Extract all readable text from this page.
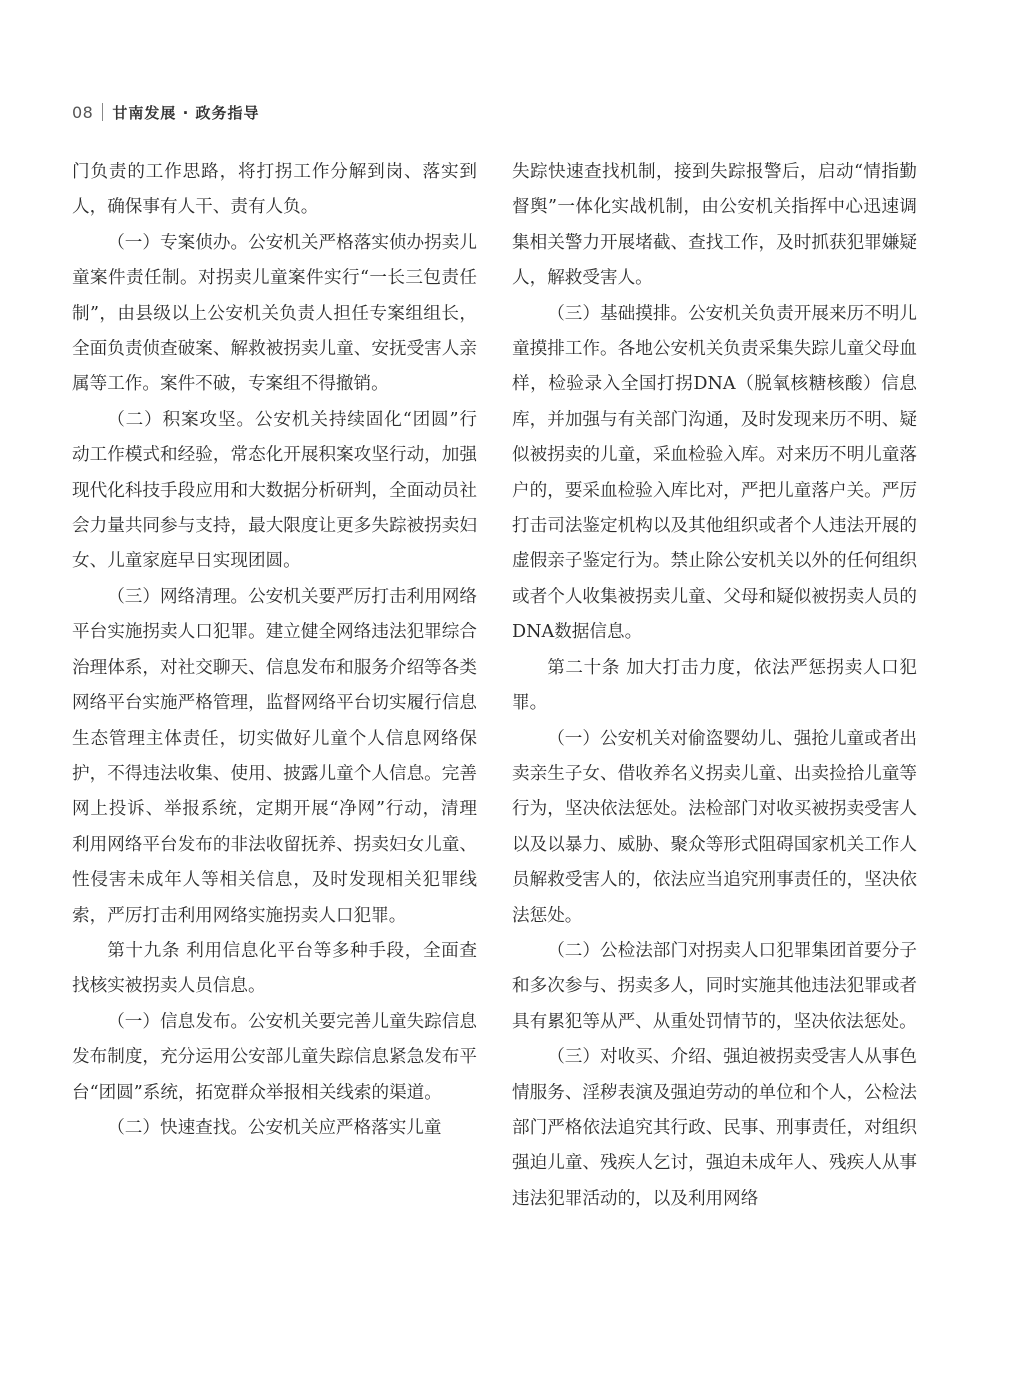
08 甘南发展 · 政务指导

门负责的工作思路，将打拐工作分解到岗、落实到人，确保事有人干、责有人负。

（一）专案侦办。公安机关严格落实侦办拐卖儿童案件责任制。对拐卖儿童案件实行“一长三包责任制”，由县级以上公安机关负责人担任专案组组长，全面负责侦查破案、解救被拐卖儿童、安抚受害人亲属等工作。案件不破，专案组不得撤销。

（二）积案攻坚。公安机关持续固化“团圆”行动工作模式和经验，常态化开展积案攻坚行动，加强现代化科技手段应用和大数据分析研判，全面动员社会力量共同参与支持，最大限度让更多失踪被拐卖妇女、儿童家庭早日实现团圆。

（三）网络清理。公安机关要严厉打击利用网络平台实施拐卖人口犯罪。建立健全网络违法犯罪综合治理体系，对社交聊天、信息发布和服务介绍等各类网络平台实施严格管理，监督网络平台切实履行信息生态管理主体责任，切实做好儿童个人信息网络保护，不得违法收集、使用、披露儿童个人信息。完善网上投诉、举报系统，定期开展“净网”行动，清理利用网络平台发布的非法收留抚养、拐卖妇女儿童、性侵害未成年人等相关信息，及时发现相关犯罪线索，严厉打击利用网络实施拐卖人口犯罪。

第十九条 利用信息化平台等多种手段，全面查找核实被拐卖人员信息。

（一）信息发布。公安机关要完善儿童失踪信息发布制度，充分运用公安部儿童失踪信息紧急发布平台“团圆”系统，拓宽群众举报相关线索的渠道。

（二）快速查找。公安机关应严格落实儿童

失踪快速查找机制，接到失踪报警后，启动“情指勤督舆”一体化实战机制，由公安机关指挥中心迅速调集相关警力开展堵截、查找工作，及时抓获犯罪嫌疑人，解救受害人。

（三）基础摸排。公安机关负责开展来历不明儿童摸排工作。各地公安机关负责采集失踪儿童父母血样，检验录入全国打拐DNA（脱氧核糖核酸）信息库，并加强与有关部门沟通，及时发现来历不明、疑似被拐卖的儿童，采血检验入库。对来历不明儿童落户的，要采血检验入库比对，严把儿童落户关。严厉打击司法鉴定机构以及其他组织或者个人违法开展的虚假亲子鉴定行为。禁止除公安机关以外的任何组织或者个人收集被拐卖儿童、父母和疑似被拐卖人员的DNA数据信息。

第二十条 加大打击力度，依法严惩拐卖人口犯罪。

（一）公安机关对偷盗婴幼儿、强抢儿童或者出卖亲生子女、借收养名义拐卖儿童、出卖捡拾儿童等行为，坚决依法惩处。法检部门对收买被拐卖受害人以及以暴力、威胁、聚众等形式阻碍国家机关工作人员解救受害人的，依法应当追究刑事责任的，坚决依法惩处。

（二）公检法部门对拐卖人口犯罪集团首要分子和多次参与、拐卖多人，同时实施其他违法犯罪或者具有累犯等从严、从重处罚情节的，坚决依法惩处。

（三）对收买、介绍、强迫被拐卖受害人从事色情服务、淫秽表演及强迫劳动的单位和个人，公检法部门严格依法追究其行政、民事、刑事责任，对组织强迫儿童、残疾人乞讨，强迫未成年人、残疾人从事违法犯罪活动的，以及利用网络
